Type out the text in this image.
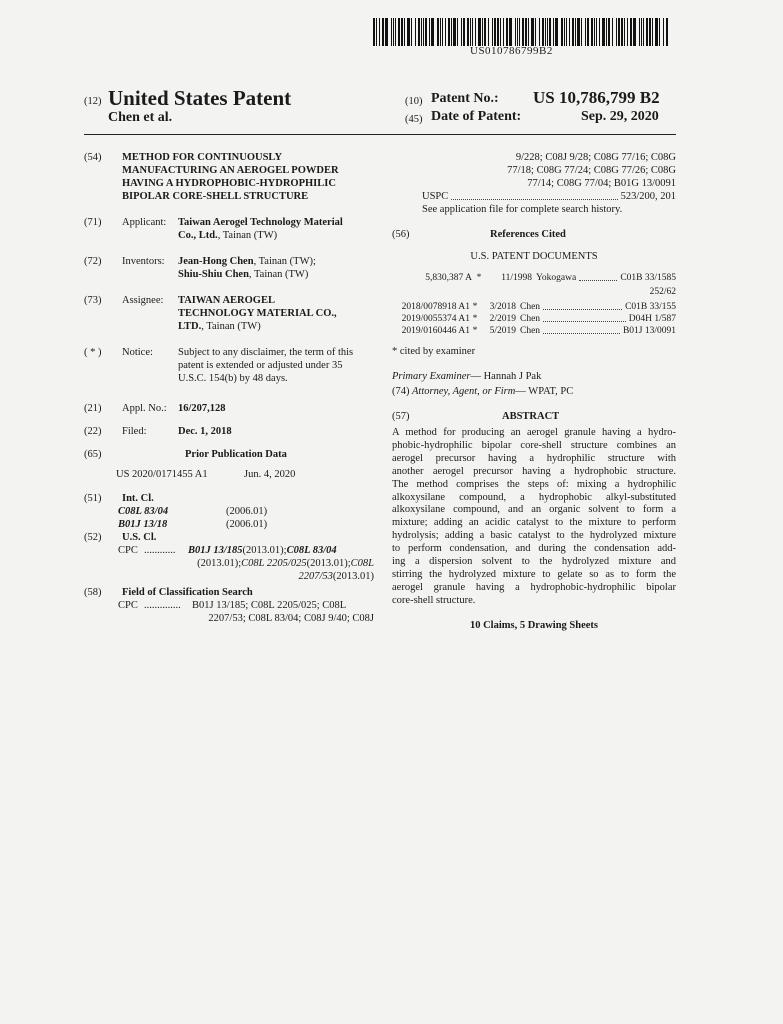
US010786799B2
(12) United States Patent
Chen et al.
(10) Patent No.: US 10,786,799 B2
(45) Date of Patent:	Sep. 29, 2020
(54)	METHOD FOR CONTINUOUSLY
MANUFACTURING AN AEROGEL POWDER
HAVING A HYDROPHOBIC-HYDROPHILIC
BIPOLAR CORE-SHELL STRUCTURE
(71)	Applicant:	Taiwan Aerogel Technology Material
Co., Ltd., Tainan (TW)
(72)	Inventors:	Jean-Hong Chen, Tainan (TW);
Shiu-Shiu Chen, Tainan (TW)
(73)	Assignee:	TAIWAN AEROGEL
TECHNOLOGY MATERIAL CO.,
LTD., Tainan (TW)
( * )	Notice:	Subject to any disclaimer, the term of this
patent is extended or adjusted under 35
U.S.C. 154(b) by 48 days.
(21)	Appl. No.:	16/207,128
(22)	Filed:	Dec. 1, 2018
(65)	Prior Publication Data
US 2020/0171455 A1	Jun. 4, 2020
(51)	Int. Cl.
C08L 83/04	(2006.01)
B01J 13/18	(2006.01)
(52)	U.S. Cl.
CPC ............	B01J 13/185 (2013.01); C08L 83/04
(2013.01); C08L 2205/025 (2013.01); C08L
2207/53 (2013.01)
(58)	Field of Classification Search
CPC ..............	B01J 13/185; C08L 2205/025; C08L
2207/53; C08L 83/04; C08J 9/40; C08J
9/228; C08J 9/28; C08G 77/16; C08G
77/18; C08G 77/24; C08G 77/26; C08G
77/14; C08G 77/04; B01G 13/0091
USPC	523/200, 201
See application file for complete search history.
(56)	References Cited
U.S. PATENT DOCUMENTS
5,830,387 A *	11/1998 Yokogawa	C01B 33/1585
252/62
2018/0078918 A1 *	3/2018 Chen	C01B 33/155
2019/0055374 A1 *	2/2019 Chen	D04H 1/587
2019/0160446 A1 *	5/2019 Chen	B01J 13/0091
* cited by examiner
Primary Examiner — Hannah J Pak
(74) Attorney, Agent, or Firm — WPAT, PC
(57)	ABSTRACT
A method for producing an aerogel granule having a hydro-
phobic-hydrophilic bipolar core-shell structure combines an
aerogel precursor having a hydrophilic structure with
another aerogel precursor having a hydrophobic structure.
The method comprises the steps of: mixing a hydrophilic
alkoxysilane compound, a hydrophobic alkyl-substituted
alkoxysilane compound, and an organic solvent to form a
mixture; adding an acidic catalyst to the mixture to perform
hydrolysis; adding a basic catalyst to the hydrolyzed mixture
to perform condensation, and during the condensation add-
ing a dispersion solvent to the hydrolyzed mixture and
stirring the hydrolyzed mixture to gelate so as to form the
aerogel granule having a hydrophobic-hydrophilic bipolar
core-shell structure.
10 Claims, 5 Drawing Sheets
